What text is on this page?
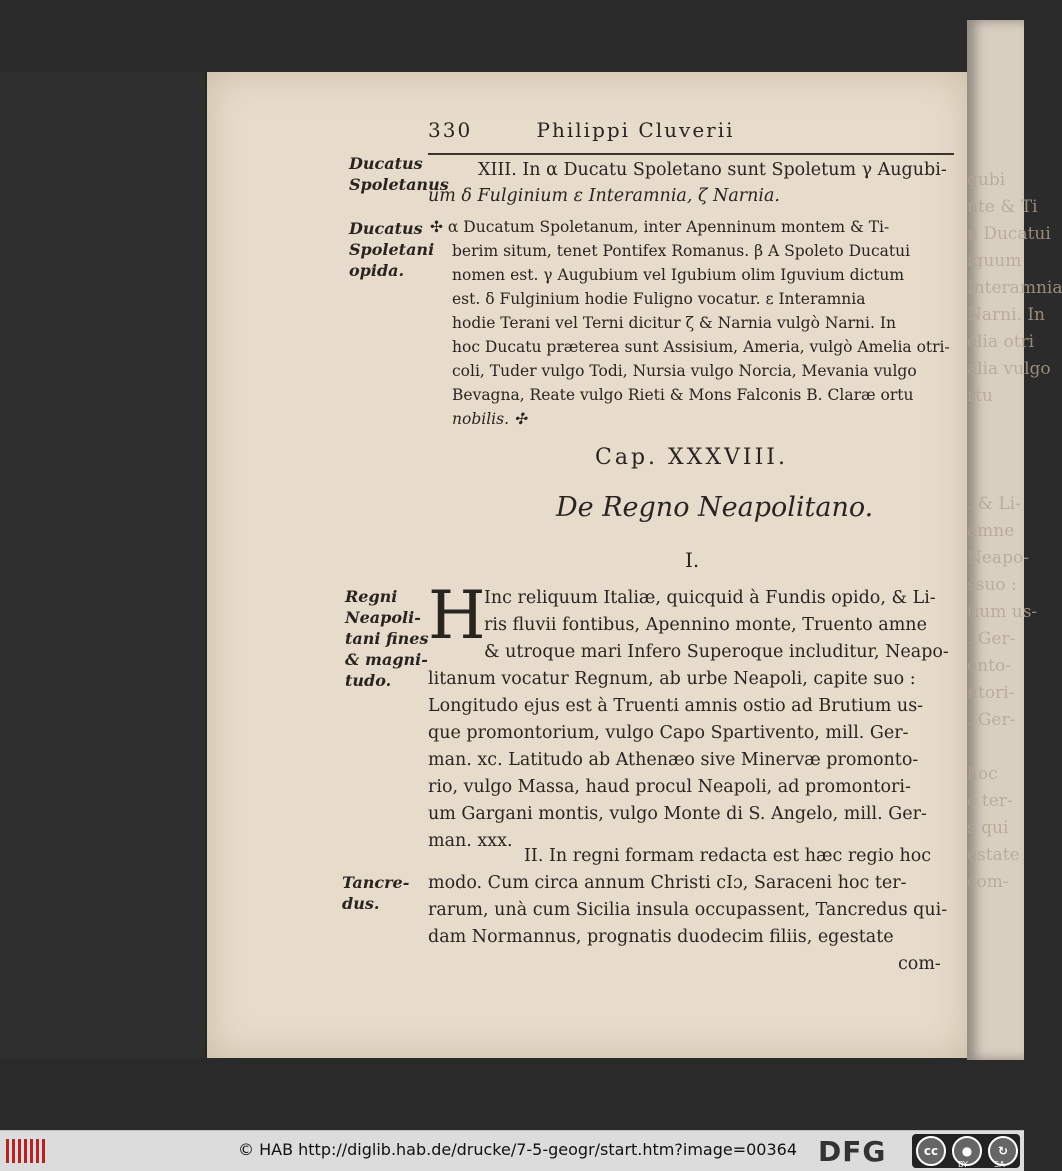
gubi
nte & Ti
n Ducatui
iguum
Interamnia
Narni. In
elia otri
alia vulgo
rtu
. & Li-
amne
Neapo-
ssuo :
tium us-
. Ger-
onto-
ntori-
. Ger-
hoc
c ter-
s qui
estate
com-
330	Philippi Cluverii
Ducatus
Spoletanus
Ducatus
Spoletani
opida.
Regni
Neapoli-
tani fines
& magni-
tudo.
Tancre-
dus.
XIII. In α Ducatu Spoletano sunt Spoletum γ Augubi-
um δ Fulginium ε Interamnia, ζ Narnia.
✣ α Ducatum Spoletanum, inter Apenninum montem & Ti-
berim situm, tenet Pontifex Romanus. β A Spoleto Ducatui
nomen est. γ Augubium vel Igubium olim Iguvium dictum
est. δ Fulginium hodie Fuligno vocatur. ε Interamnia
hodie Terani vel Terni dicitur ζ & Narnia vulgò Narni. In
hoc Ducatu præterea sunt Assisium, Ameria, vulgò Amelia otri-
coli, Tuder vulgo Todi, Nursia vulgo Norcia, Mevania vulgo
Bevagna, Reate vulgo Rieti & Mons Falconis B. Claræ ortu
nobilis. ✣
Cap. XXXVIII.
De Regno Neapolitano.
I.
H
Inc reliquum Italiæ, quicquid à Fundis opido, & Li-
ris fluvii fontibus, Apennino monte, Truento amne
& utroque mari Infero Superoque includitur, Neapo-
litanum vocatur Regnum, ab urbe Neapoli, capite suo :
Longitudo ejus est à Truenti amnis ostio ad Brutium us-
que promontorium, vulgo Capo Spartivento, mill. Ger-
man. xc. Latitudo ab Athenæo sive Minervæ promonto-
rio, vulgo Massa, haud procul Neapoli, ad promontori-
um Gargani montis, vulgo Monte di S. Angelo, mill. Ger-
man. xxx.
II. In regni formam redacta est hæc regio hoc
modo. Cum circa annum Christi cIɔ, Saraceni hoc ter-
rarum, unà cum Sicilia insula occupassent, Tancredus qui-
dam Normannus, prognatis duodecim filiis, egestate
com-
© HAB http://diglib.hab.de/drucke/7-5-geogr/start.htm?image=00364 DFG	cc	●	↻
BY	SA
